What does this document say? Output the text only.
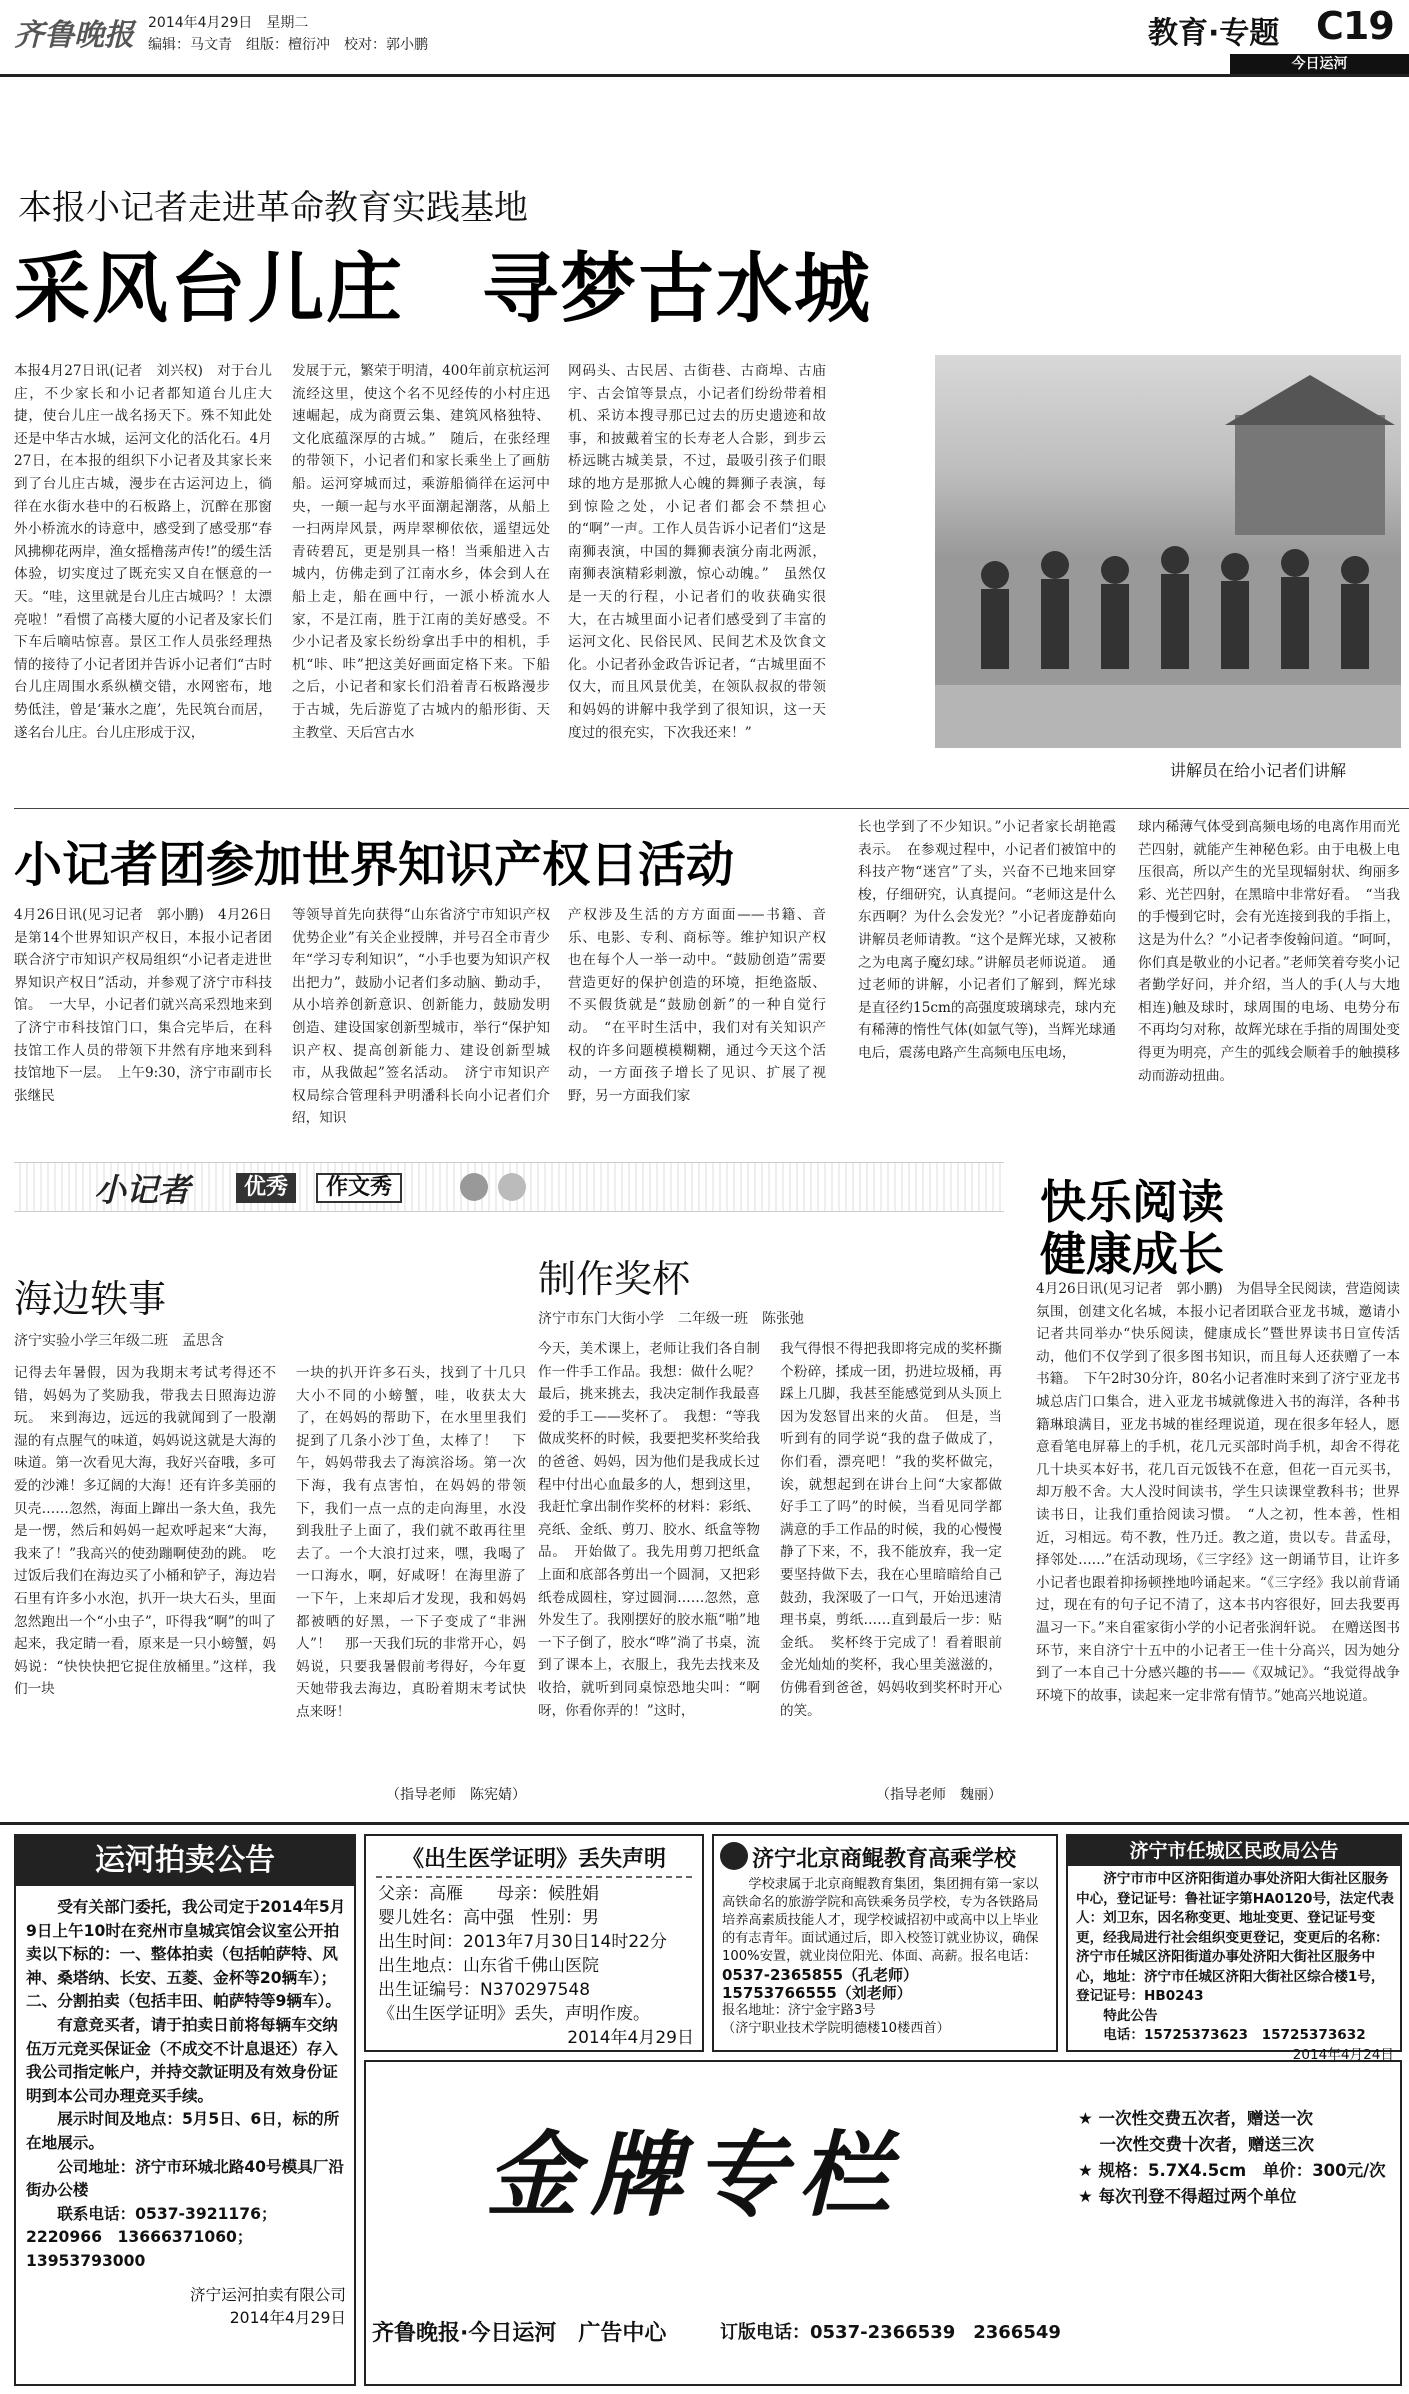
齐鲁晚报 2014年4月29日　星期二
编辑：马文青　组版：檀衍冲　校对：郭小鹏	教育·专题 C19
今日运河
本报小记者走进革命教育实践基地
采风台儿庄　寻梦古水城
讲解员在给小记者们讲解
本报4月27日讯(记者　刘兴权)　对于台儿庄，不少家长和小记者都知道台儿庄大捷，使台儿庄一战名扬天下。殊不知此处还是中华古水城，运河文化的活化石。4月27日，在本报的组织下小记者及其家长来到了台儿庄古城，漫步在古运河边上，徜徉在水街水巷中的石板路上，沉醉在那窗外小桥流水的诗意中，感受到了感受那“春风拂柳花两岸，渔女摇橹荡声传!”的缓生活体验，切实度过了既充实又自在惬意的一天。“哇，这里就是台儿庄古城吗？！太漂亮啦！”看惯了高楼大厦的小记者及家长们下车后嘀咕惊喜。景区工作人员张经理热情的接待了小记者团并告诉小记者们“古时台儿庄周围水系纵横交错，水网密布，地势低洼，曾是‘蒹水之鹿’，先民筑台而居，遂名台儿庄。台儿庄形成于汉，
发展于元，繁荣于明清，400年前京杭运河流经这里，使这个名不见经传的小村庄迅速崛起，成为商贾云集、建筑风格独特、文化底蕴深厚的古城。”　随后，在张经理的带领下，小记者们和家长乘坐上了画舫船。运河穿城而过，乘游船徜徉在运河中央，一颠一起与水平面潮起潮落，从船上一扫两岸风景，两岸翠柳依依，遥望远处青砖碧瓦，更是别具一格！当乘船进入古城内，仿佛走到了江南水乡，体会到人在船上走，船在画中行，一派小桥流水人家，不是江南，胜于江南的美好感受。不少小记者及家长纷纷拿出手中的相机，手机“咔、咔”把这美好画面定格下来。下船之后，小记者和家长们沿着青石板路漫步于古城，先后游览了古城内的船形街、天主教堂、天后宫古水
网码头、古民居、古街巷、古商埠、古庙宇、古会馆等景点，小记者们纷纷带着相机、采访本搜寻那已过去的历史遗迹和故事，和披戴着宝的长寿老人合影，到步云桥远眺古城美景，不过，最吸引孩子们眼球的地方是那掀人心魄的舞狮子表演，每到惊险之处，小记者们都会不禁担心的“啊”一声。工作人员告诉小记者们“这是南狮表演，中国的舞狮表演分南北两派，南狮表演精彩刺激，惊心动魄。”　虽然仅是一天的行程，小记者们的收获确实很大，在古城里面小记者们感受到了丰富的运河文化、民俗民风、民间艺术及饮食文化。小记者孙金政告诉记者，“古城里面不仅大，而且风景优美，在领队叔叔的带领和妈妈的讲解中我学到了很知识，这一天度过的很充实，下次我还来！”
小记者团参加世界知识产权日活动
4月26日讯(见习记者　郭小鹏)　4月26日是第14个世界知识产权日，本报小记者团联合济宁市知识产权局组织“小记者走进世界知识产权日”活动，并参观了济宁市科技馆。　一大早，小记者们就兴高采烈地来到了济宁市科技馆门口，集合完毕后，在科技馆工作人员的带领下井然有序地来到科技馆地下一层。　上午9:30，济宁市副市长张继民
等领导首先向获得“山东省济宁市知识产权优势企业”有关企业授牌，并号召全市青少年“学习专利知识”，“小手也要为知识产权出把力”，鼓励小记者们多动脑、勤动手，从小培养创新意识、创新能力，鼓励发明创造、建设国家创新型城市，举行“保护知识产权、提高创新能力、建设创新型城市，从我做起”签名活动。　济宁市知识产权局综合管理科尹明潘科长向小记者们介绍，知识
产权涉及生活的方方面面——书籍、音乐、电影、专利、商标等。维护知识产权也在每个人一举一动中。“鼓励创造”需要营造更好的保护创造的环境，拒绝盗版、不买假货就是“鼓励创新”的一种自觉行动。　“在平时生活中，我们对有关知识产权的许多问题模模糊糊，通过今天这个活动，一方面孩子增长了见识、扩展了视野，另一方面我们家
长也学到了不少知识。”小记者家长胡艳霞表示。　在参观过程中，小记者们被馆中的科技产物“迷宫”了头，兴奋不已地来回穿梭，仔细研究，认真提问。“老师这是什么东西啊？为什么会发光？”小记者庞静茹向讲解员老师请教。“这个是辉光球，又被称之为电离子魔幻球。”讲解员老师说道。　通过老师的讲解，小记者们了解到，辉光球是直径约15cm的高强度玻璃球壳，球内充有稀薄的惰性气体(如氩气等)，当辉光球通电后，震荡电路产生高频电压电场，
球内稀薄气体受到高频电场的电离作用而光芒四射，就能产生神秘色彩。由于电极上电压很高，所以产生的光呈现辐射状、绚丽多彩、光芒四射，在黑暗中非常好看。　“当我的手慢到它时，会有光连接到我的手指上，这是为什么？”小记者李俊翰问道。“呵呵，你们真是敬业的小记者。”老师笑着夸奖小记者勤学好问，并介绍，当人的手(人与大地相连)触及球时，球周围的电场、电势分布不再均匀对称，故辉光球在手指的周围处变得更为明亮，产生的弧线会顺着手的触摸移动而游动扭曲。
小记者	优秀	作文秀
海边轶事
济宁实验小学三年级二班　孟思含
记得去年暑假，因为我期末考试考得还不错，妈妈为了奖励我，带我去日照海边游玩。　来到海边，远远的我就闻到了一股潮湿的有点腥气的味道，妈妈说这就是大海的味道。第一次看见大海，我好兴奋哦，多可爱的沙滩！多辽阔的大海！还有许多美丽的贝壳……忽然，海面上蹿出一条大鱼，我先是一愣，然后和妈妈一起欢呼起来“大海，我来了！”我高兴的使劲蹦啊使劲的跳。　吃过饭后我们在海边买了小桶和铲子，海边岩石里有许多小水泡，扒开一块大石头，里面忽然跑出一个“小虫子”，吓得我“啊”的叫了起来，我定睛一看，原来是一只小螃蟹，妈妈说：“快快快把它捉住放桶里。”这样，我们一块
一块的扒开许多石头，找到了十几只大小不同的小螃蟹，哇，收获太大了，在妈妈的帮助下，在水里里我们捉到了几条小沙丁鱼，太棒了！　下午，妈妈带我去了海滨浴场。第一次下海，我有点害怕，在妈妈的带领下，我们一点一点的走向海里，水没到我肚子上面了，我们就不敢再往里去了。一个大浪打过来，嘿，我喝了一口海水，啊，好咸呀！在海里游了一下午，上来却后才发现，我和妈妈都被晒的好黑，一下子变成了“非洲人”！　那一天我们玩的非常开心，妈妈说，只要我暑假前考得好，今年夏天她带我去海边，真盼着期末考试快点来呀！
（指导老师　陈宪婧）
制作奖杯
济宁市东门大街小学　二年级一班　陈张弛
今天，美术课上，老师让我们各自制作一件手工作品。我想：做什么呢？最后，挑来挑去，我决定制作我最喜爱的手工——奖杯了。　我想：“等我做成奖杯的时候，我要把奖杯奖给我的爸爸、妈妈，因为他们是我成长过程中付出心血最多的人，想到这里，我赶忙拿出制作奖杯的材料：彩纸、亮纸、金纸、剪刀、胶水、纸盒等物品。　开始做了。我先用剪刀把纸盒上面和底部各剪出一个圆洞，又把彩纸卷成圆柱，穿过圆洞……忽然，意外发生了。我刚摆好的胶水瓶“啪”地一下子倒了，胶水“哗”淌了书桌，流到了课本上，衣服上，我先去找来及收拾，就听到同桌惊恐地尖叫：“啊呀，你看你弄的！”这时，
我气得恨不得把我即将完成的奖杯撕个粉碎，揉成一团，扔进垃圾桶，再踩上几脚，我甚至能感觉到从头顶上因为发怒冒出来的火苗。　但是，当听到有的同学说“我的盘子做成了，你们看，漂亮吧！”我的奖杯做完，诶，就想起到在讲台上问“大家都做好手工了吗”的时候，当看见同学都满意的手工作品的时候，我的心慢慢静了下来，不，我不能放弃，我一定要坚持做下去，我在心里暗暗给自己鼓劲，我深吸了一口气，开始迅速清理书桌，剪纸……直到最后一步：贴金纸。　奖杯终于完成了！看着眼前金光灿灿的奖杯，我心里美滋滋的，仿佛看到爸爸，妈妈收到奖杯时开心的笑。
（指导老师　魏丽）
快乐阅读
健康成长
4月26日讯(见习记者　郭小鹏)　为倡导全民阅读，营造阅读氛围，创建文化名城，本报小记者团联合亚龙书城，邀请小记者共同举办“快乐阅读，健康成长”暨世界读书日宣传活动，他们不仅学到了很多图书知识，而且每人还获赠了一本书籍。　下午2时30分许，80名小记者准时来到了济宁亚龙书城总店门口集合，进入亚龙书城就像进入书的海洋，各种书籍琳琅满目，亚龙书城的崔经理说道，现在很多年轻人，愿意看笔电屏幕上的手机，花几元买部时尚手机，却舍不得花几十块买本好书，花几百元饭钱不在意，但花一百元买书，却万般不舍。大人没时间读书，学生只读课堂教科书；世界读书日，让我们重拾阅读习惯。　“人之初，性本善，性相近，习相远。苟不教，性乃迁。教之道，贵以专。昔孟母，择邻处……”在活动现场，《三字经》这一朗诵节目，让许多小记者也跟着抑扬顿挫地吟诵起来。“《三字经》我以前背诵过，现在有的句子记不清了，这本书内容很好，回去我要再温习一下。”来自霍家街小学的小记者张润轩说。　在赠送图书环节，来自济宁十五中的小记者王一佳十分高兴，因为她分到了一本自己十分感兴趣的书——《双城记》。“我觉得战争环境下的故事，读起来一定非常有情节。”她高兴地说道。
运河拍卖公告

受有关部门委托，我公司定于2014年5月9日上午10时在兖州市皇城宾馆会议室公开拍卖以下标的：一、整体拍卖（包括帕萨特、风神、桑塔纳、长安、五菱、金杯等20辆车）；二、分割拍卖（包括丰田、帕萨特等9辆车）。

有意竞买者，请于拍卖日前将每辆车交纳伍万元竞买保证金（不成交不计息退还）存入我公司指定帐户，并持交款证明及有效身份证明到本公司办理竞买手续。

展示时间及地点：5月5日、6日，标的所在地展示。

公司地址：济宁市环城北路40号模具厂沿街办公楼

联系电话：0537-3921176；2220966　13666371060；13953793000

济宁运河拍卖有限公司

2014年4月29日

《出生医学证明》丢失声明

父亲：高雁　　母亲：候胜娟

婴儿姓名：高中强　性别：男

出生时间：2013年7月30日14时22分

出生地点：山东省千佛山医院

出生证编号：N370297548

《出生医学证明》丢失，声明作废。

2014年4月29日

济宁北京商鲲教育高乘学校

学校隶属于北京商鲲教育集团，集团拥有第一家以高铁命名的旅游学院和高铁乘务员学校，专为各铁路局培养高素质技能人才，现学校诚招初中或高中以上毕业的有志青年。面试通过后，即入校签订就业协议，确保100%安置，就业岗位阳光、体面、高薪。报名电话：

0537-2365855（孔老师）

15753766555（刘老师）

报名地址：济宁金宇路3号

（济宁职业技术学院明德楼10楼西首）

济宁市任城区民政局公告

济宁市市中区济阳街道办事处济阳大街社区服务中心，登记证号：鲁社证字第HA0120号，法定代表人：刘卫东，因名称变更、地址变更、登记证号变更，经我局进行社会组织变更登记，变更后的名称：济宁市任城区济阳街道办事处济阳大街社区服务中心，地址：济宁市任城区济阳大街社区综合楼1号，登记证号：HB0243

特此公告

电话：15725373623　15725373632

2014年4月24日

金牌专栏

★ 一次性交费五次者，赠送一次

一次性交费十次者，赠送三次

★ 规格：5.7X4.5cm　单价：300元/次

★ 每次刊登不得超过两个单位

齐鲁晚报·今日运河　广告中心	订版电话：0537-2366539　2366549
